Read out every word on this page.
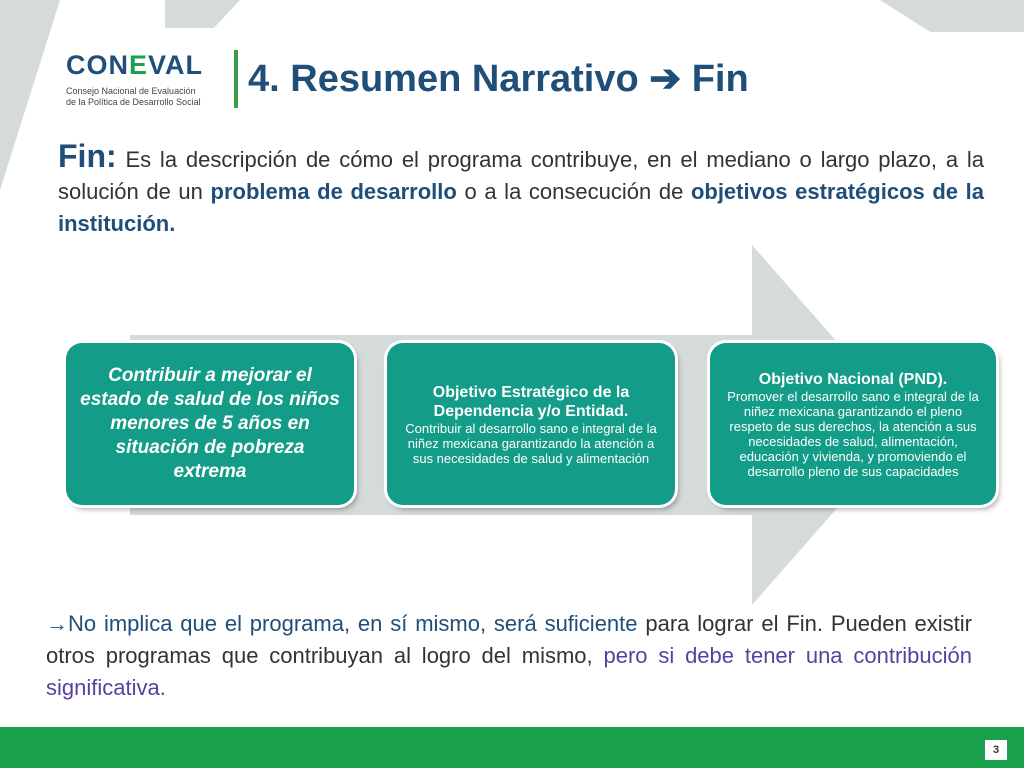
CONEVAL
Consejo Nacional de Evaluación
de la Política de Desarrollo Social
4. Resumen Narrativo ➔ Fin
Fin: Es la descripción de cómo el programa contribuye, en el mediano o largo plazo, a la solución de un problema de desarrollo o a la consecución de objetivos estratégicos de la institución.
Contribuir a mejorar el estado de salud de los niños menores de 5 años en situación de pobreza extrema
Objetivo Estratégico de la Dependencia y/o Entidad.
Contribuir al desarrollo sano e integral de la niñez mexicana garantizando la atención a sus necesidades de salud y alimentación
Objetivo Nacional (PND).
Promover el desarrollo sano e integral de la niñez mexicana garantizando el pleno respeto de sus derechos, la atención a sus necesidades de salud, alimentación, educación y vivienda, y promoviendo el desarrollo pleno de sus capacidades
→No implica que el programa, en sí mismo, será suficiente para lograr el Fin. Pueden existir otros programas que contribuyan al logro del mismo, pero si debe tener una contribución significativa.
3
